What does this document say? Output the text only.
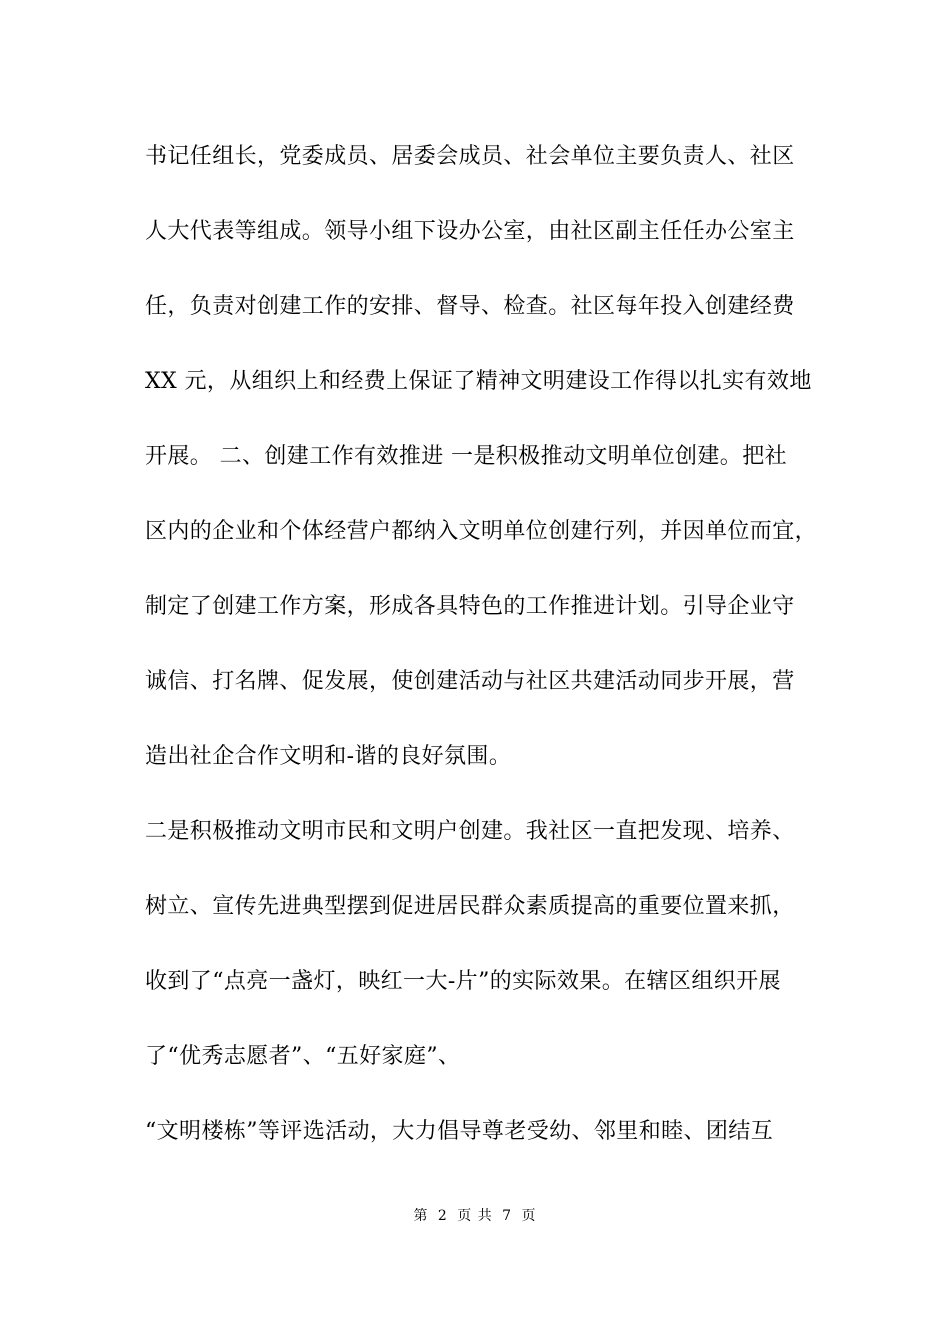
书记任组长，党委成员、居委会成员、社会单位主要负责人、社区
人大代表等组成。领导小组下设办公室，由社区副主任任办公室主
任，负责对创建工作的安排、督导、检查。社区每年投入创建经费
XX 元，从组织上和经费上保证了精神文明建设工作得以扎实有效地
开展。 二、创建工作有效推进 一是积极推动文明单位创建。把社
区内的企业和个体经营户都纳入文明单位创建行列，并因单位而宜，
制定了创建工作方案，形成各具特色的工作推进计划。引导企业守
诚信、打名牌、促发展，使创建活动与社区共建活动同步开展，营
造出社企合作文明和-谐的良好氛围。
二是积极推动文明市民和文明户创建。我社区一直把发现、培养、
树立、宣传先进典型摆到促进居民群众素质提高的重要位置来抓，
收到了“点亮一盏灯，映红一大-片”的实际效果。在辖区组织开展
了“优秀志愿者”、“五好家庭”、
“文明楼栋”等评选活动，大力倡导尊老受幼、邻里和睦、团结互
第 2 页 共 7 页
